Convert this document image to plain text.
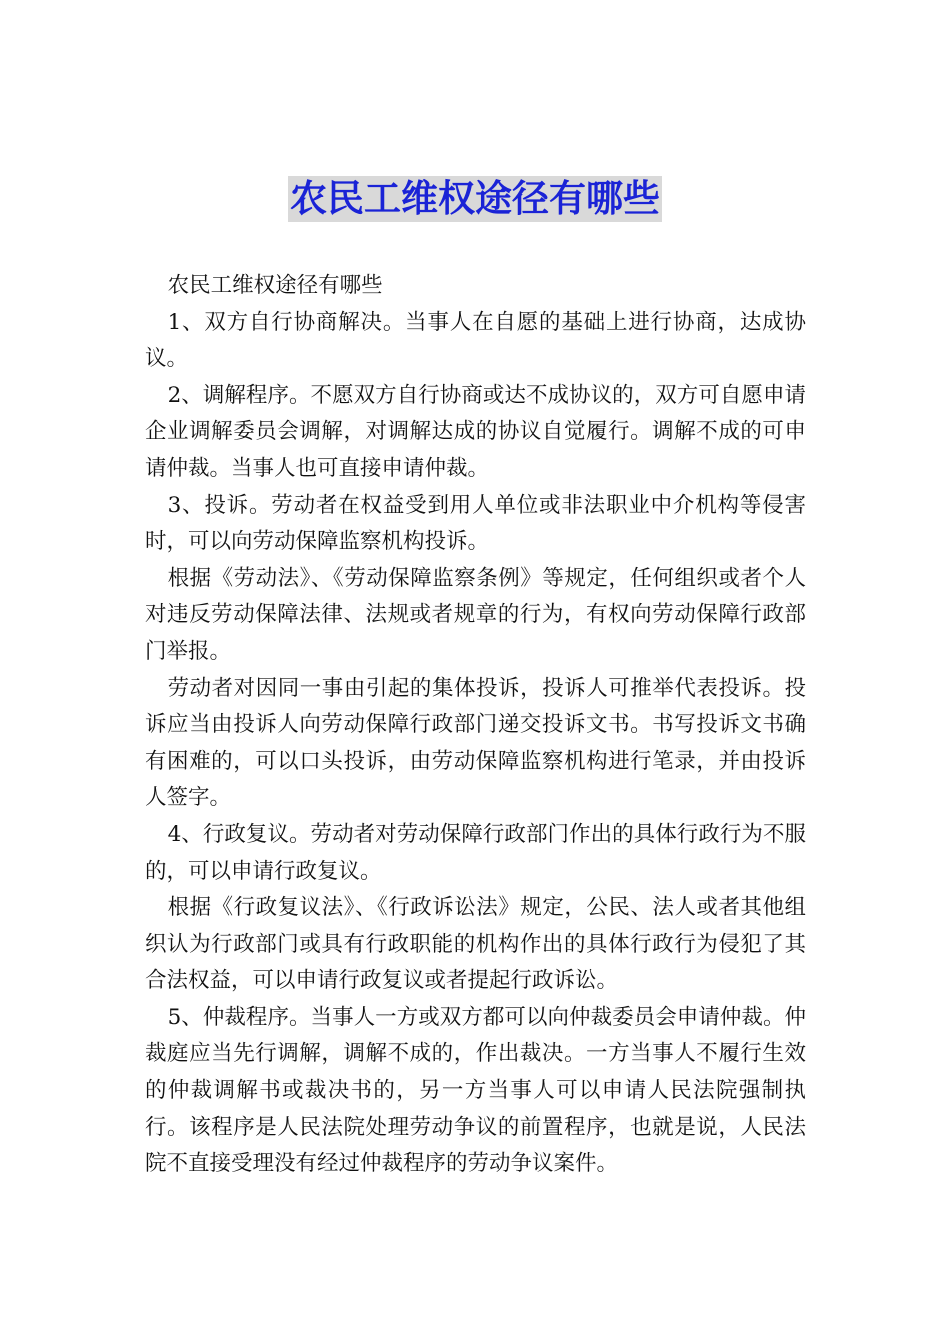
农民工维权途径有哪些

农民工维权途径有哪些

1、双方自行协商解决。当事人在自愿的基础上进行协商，达成协议。

2、调解程序。不愿双方自行协商或达不成协议的，双方可自愿申请企业调解委员会调解，对调解达成的协议自觉履行。调解不成的可申请仲裁。当事人也可直接申请仲裁。

3、投诉。劳动者在权益受到用人单位或非法职业中介机构等侵害时，可以向劳动保障监察机构投诉。

根据《劳动法》、《劳动保障监察条例》等规定，任何组织或者个人对违反劳动保障法律、法规或者规章的行为，有权向劳动保障行政部门举报。

劳动者对因同一事由引起的集体投诉，投诉人可推举代表投诉。投诉应当由投诉人向劳动保障行政部门递交投诉文书。书写投诉文书确有困难的，可以口头投诉，由劳动保障监察机构进行笔录，并由投诉人签字。

4、行政复议。劳动者对劳动保障行政部门作出的具体行政行为不服的，可以申请行政复议。

根据《行政复议法》、《行政诉讼法》规定，公民、法人或者其他组织认为行政部门或具有行政职能的机构作出的具体行政行为侵犯了其合法权益，可以申请行政复议或者提起行政诉讼。

5、仲裁程序。当事人一方或双方都可以向仲裁委员会申请仲裁。仲裁庭应当先行调解，调解不成的，作出裁决。一方当事人不履行生效的仲裁调解书或裁决书的，另一方当事人可以申请人民法院强制执行。该程序是人民法院处理劳动争议的前置程序，也就是说，人民法院不直接受理没有经过仲裁程序的劳动争议案件。
